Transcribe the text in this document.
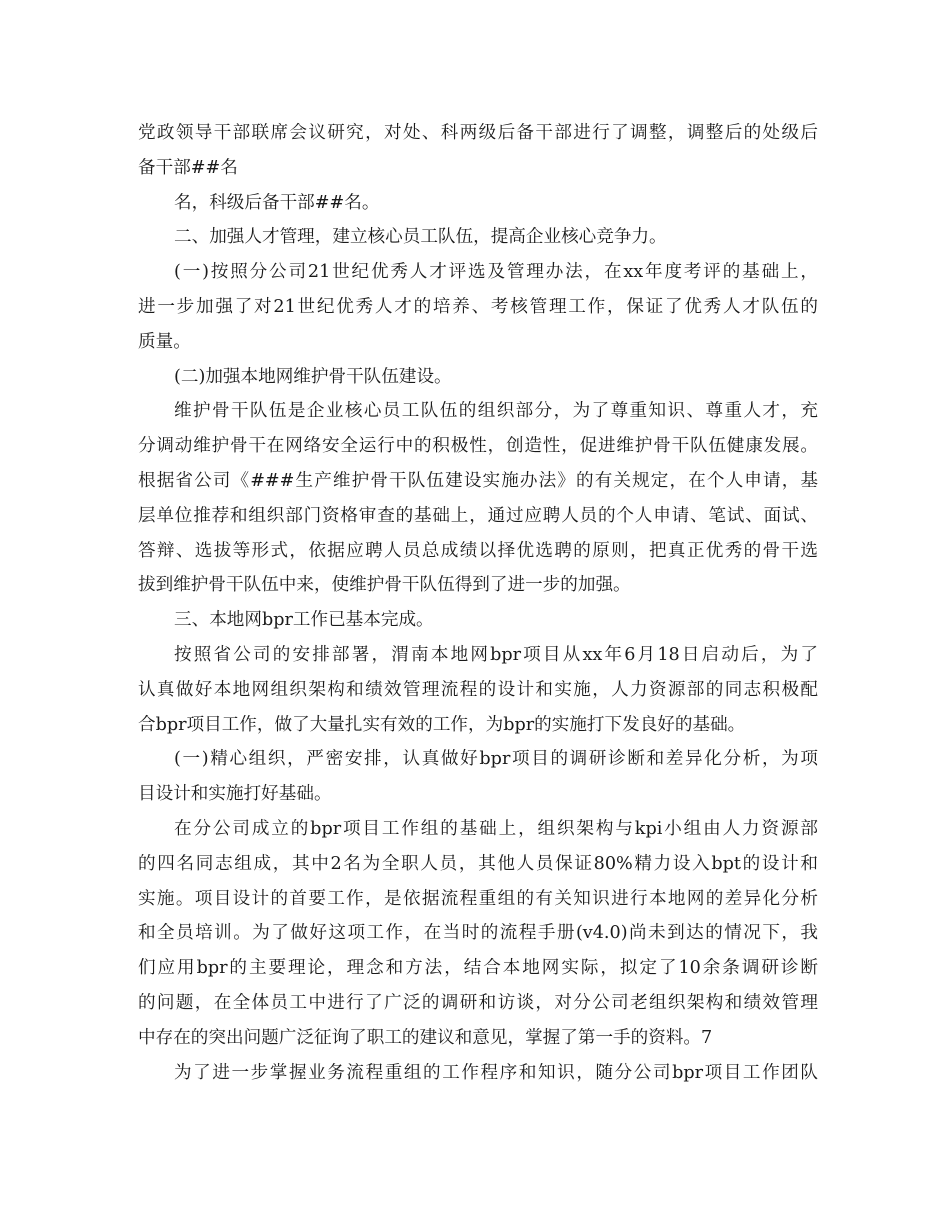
党政领导干部联席会议研究，对处、科两级后备干部进行了调整，调整后的处级后
备干部##名
名，科级后备干部##名。
二、加强人才管理，建立核心员工队伍，提高企业核心竞争力。
(一)按照分公司21世纪优秀人才评选及管理办法，在xx年度考评的基础上，
进一步加强了对21世纪优秀人才的培养、考核管理工作，保证了优秀人才队伍的
质量。
(二)加强本地网维护骨干队伍建设。
维护骨干队伍是企业核心员工队伍的组织部分，为了尊重知识、尊重人才，充
分调动维护骨干在网络安全运行中的积极性，创造性，促进维护骨干队伍健康发展。
根据省公司《###生产维护骨干队伍建设实施办法》的有关规定，在个人申请，基
层单位推荐和组织部门资格审查的基础上，通过应聘人员的个人申请、笔试、面试、
答辩、选拔等形式，依据应聘人员总成绩以择优选聘的原则，把真正优秀的骨干选
拔到维护骨干队伍中来，使维护骨干队伍得到了进一步的加强。
三、本地网bpr工作已基本完成。
按照省公司的安排部署，渭南本地网bpr项目从xx年6月18日启动后，为了
认真做好本地网组织架构和绩效管理流程的设计和实施，人力资源部的同志积极配
合bpr项目工作，做了大量扎实有效的工作，为bpr的实施打下发良好的基础。
(一)精心组织，严密安排，认真做好bpr项目的调研诊断和差异化分析，为项
目设计和实施打好基础。
在分公司成立的bpr项目工作组的基础上，组织架构与kpi小组由人力资源部
的四名同志组成，其中2名为全职人员，其他人员保证80%精力设入bpt的设计和
实施。项目设计的首要工作，是依据流程重组的有关知识进行本地网的差异化分析
和全员培训。为了做好这项工作，在当时的流程手册(v4.0)尚未到达的情况下，我
们应用bpr的主要理论，理念和方法，结合本地网实际，拟定了10余条调研诊断
的问题，在全体员工中进行了广泛的调研和访谈，对分公司老组织架构和绩效管理
中存在的突出问题广泛征询了职工的建议和意见，掌握了第一手的资料。7
为了进一步掌握业务流程重组的工作程序和知识，随分公司bpr项目工作团队
